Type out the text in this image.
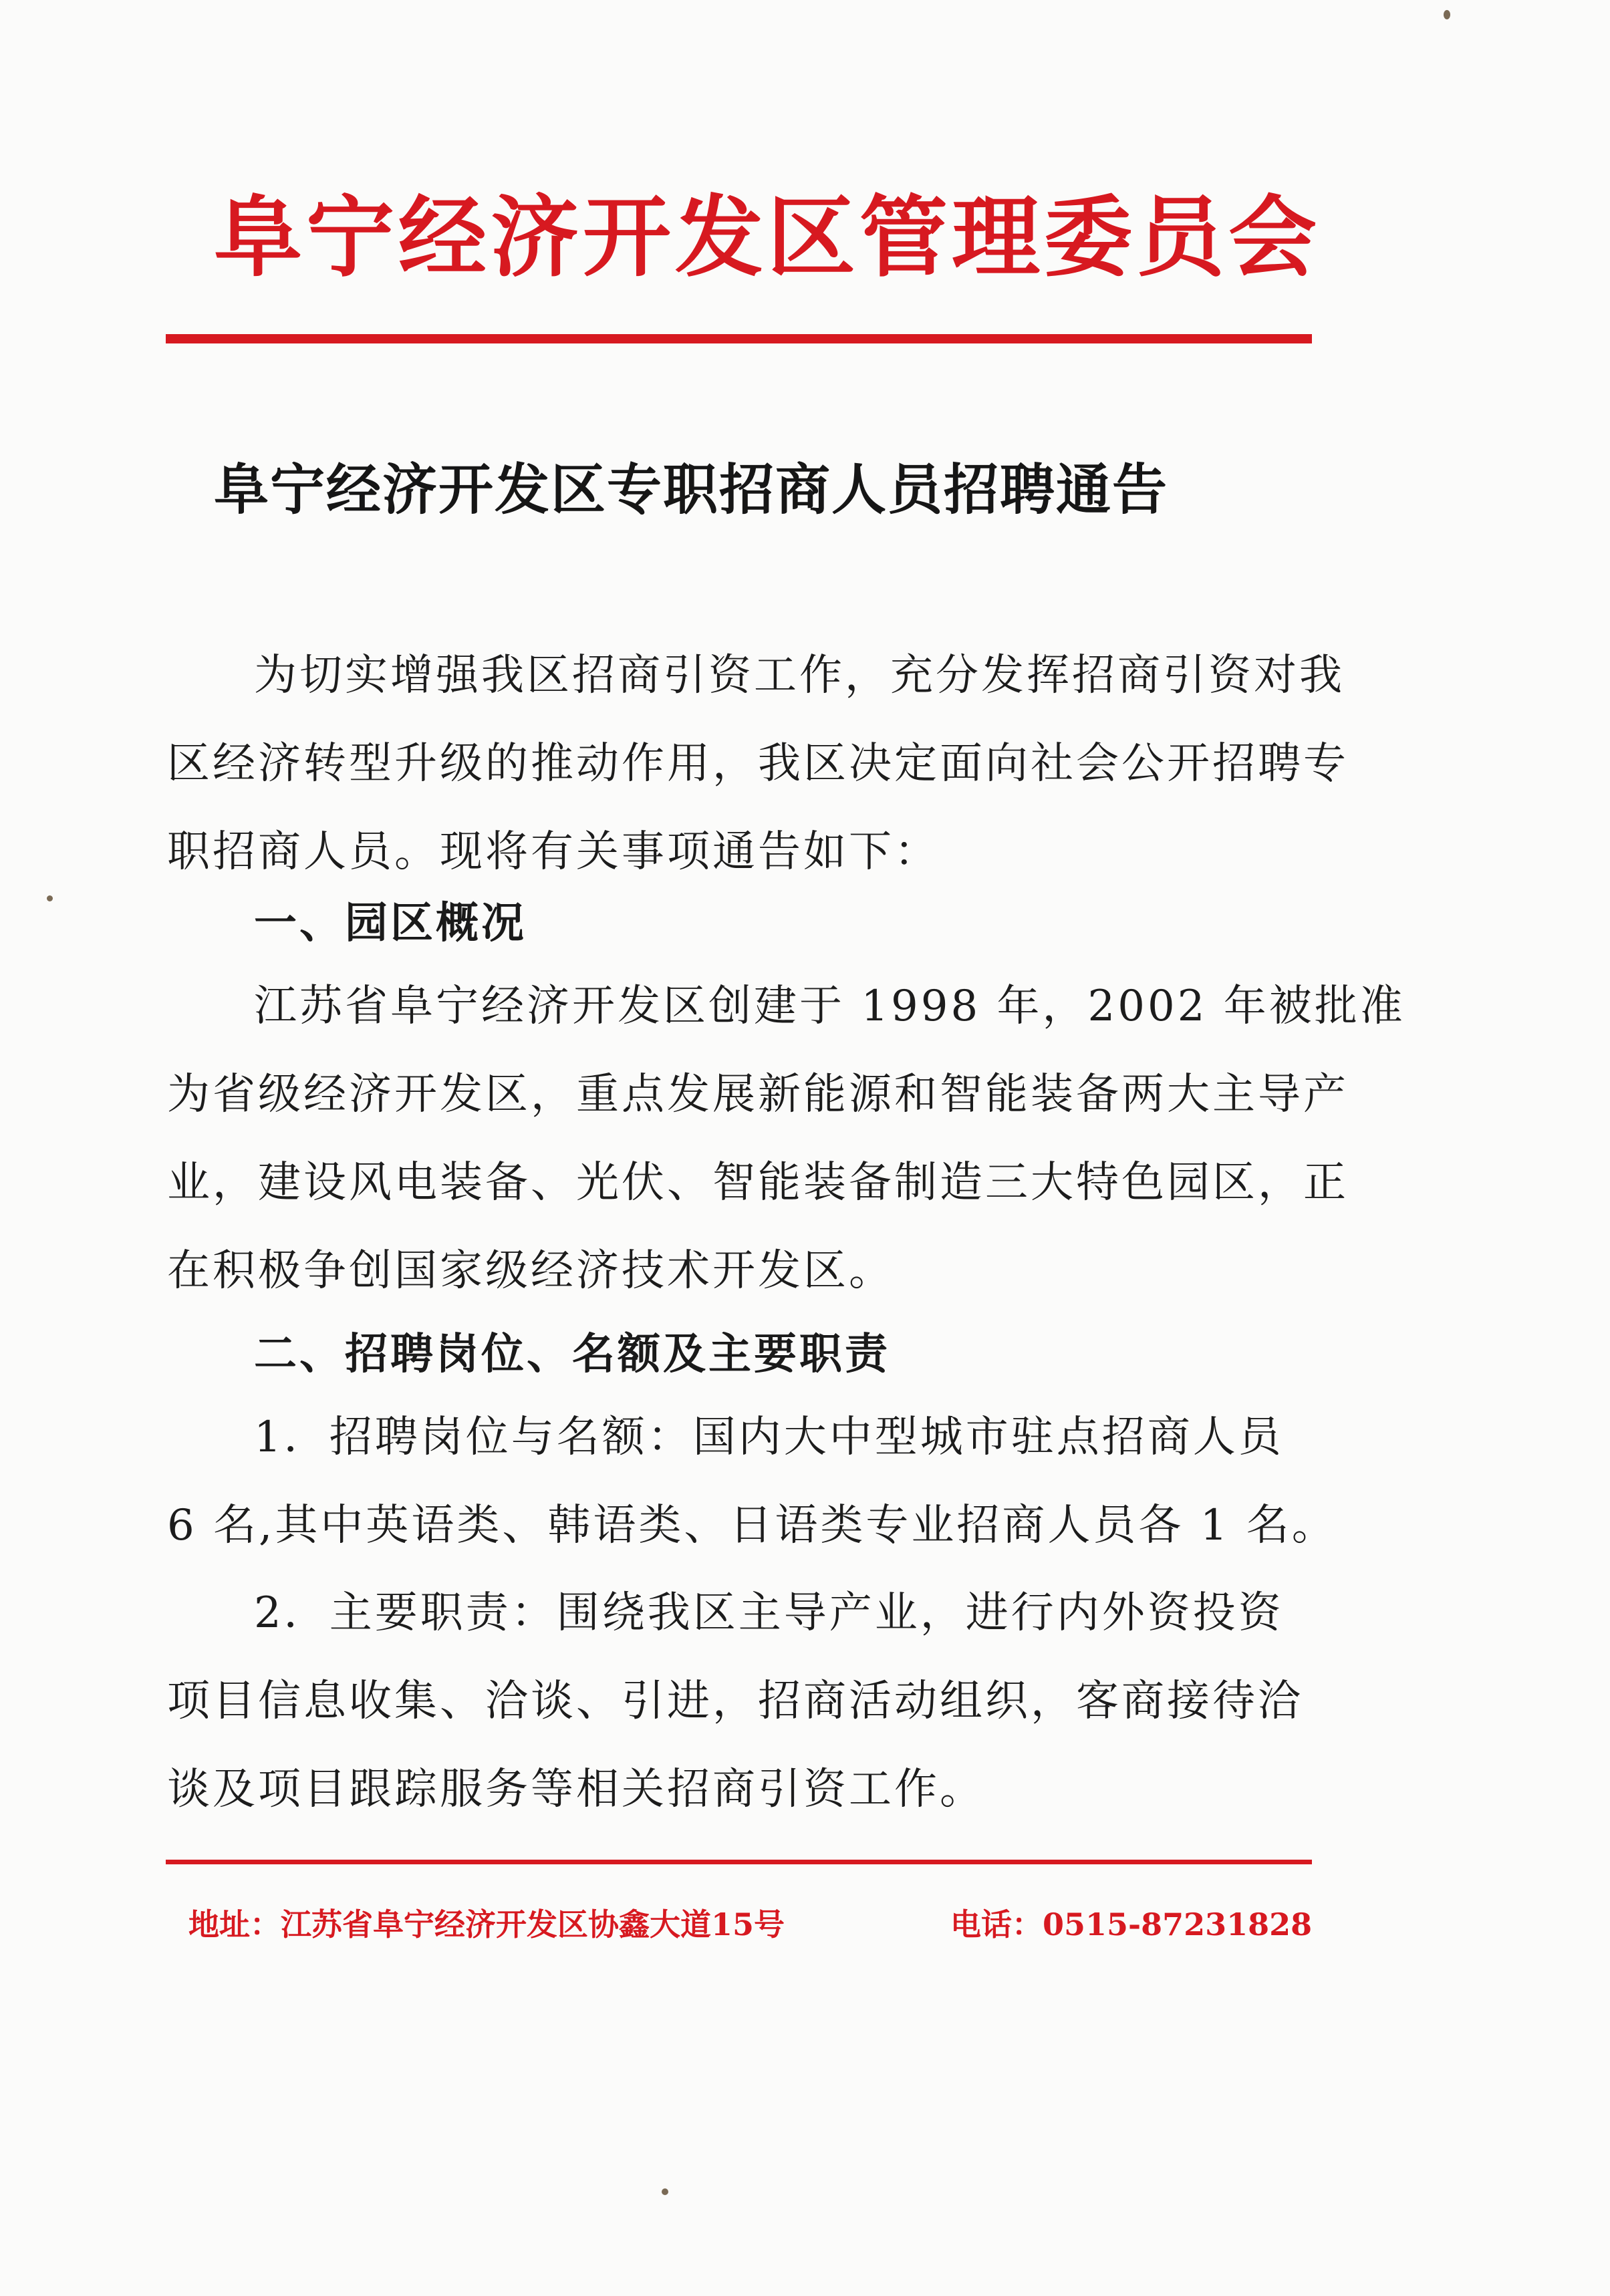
阜宁经济开发区管理委员会
阜宁经济开发区专职招商人员招聘通告
为切实增强我区招商引资工作，充分发挥招商引资对我
区经济转型升级的推动作用，我区决定面向社会公开招聘专
职招商人员。现将有关事项通告如下：
一、园区概况
江苏省阜宁经济开发区创建于 1998 年，2002 年被批准
为省级经济开发区，重点发展新能源和智能装备两大主导产
业，建设风电装备、光伏、智能装备制造三大特色园区，正
在积极争创国家级经济技术开发区。
二、招聘岗位、名额及主要职责
1．招聘岗位与名额：国内大中型城市驻点招商人员
6 名,其中英语类、韩语类、日语类专业招商人员各 1 名。
2．主要职责：围绕我区主导产业，进行内外资投资
项目信息收集、洽谈、引进，招商活动组织，客商接待洽
谈及项目跟踪服务等相关招商引资工作。
地址：江苏省阜宁经济开发区协鑫大道15号	电话：0515-87231828
